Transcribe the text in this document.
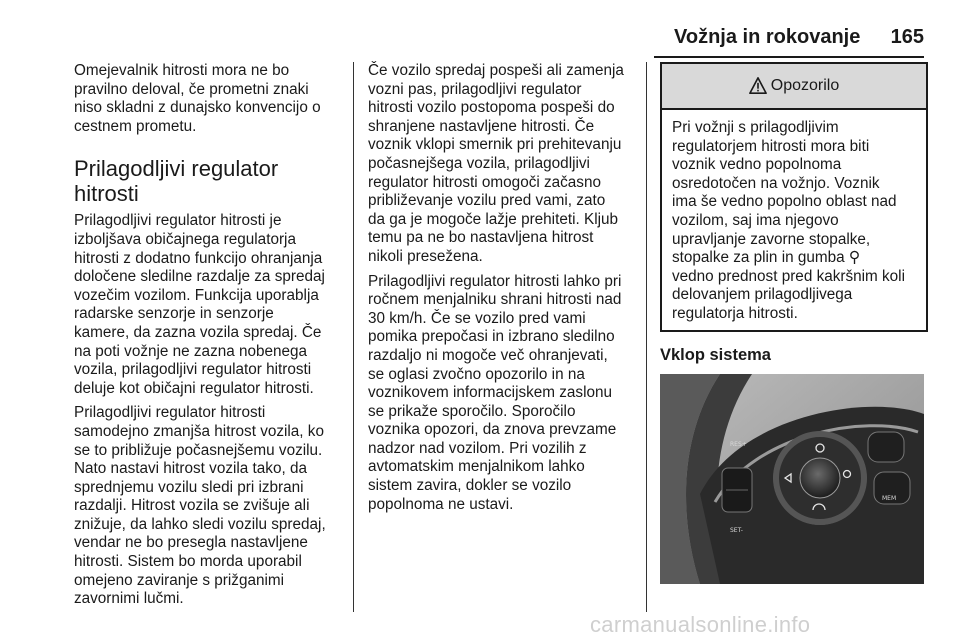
Vožnja in rokovanje 165

Omejevalnik hitrosti mora ne bo
pravilno deloval, če prometni znaki
niso skladni z dunajsko konvencijo o
cestnem prometu.

Prilagodljivi regulator
hitrosti

Prilagodljivi regulator hitrosti je
izboljšava običajnega regulatorja
hitrosti z dodatno funkcijo ohranjanja
določene sledilne razdalje za spredaj
vozečim vozilom. Funkcija uporablja
radarske senzorje in senzorje
kamere, da zazna vozila spredaj. Če
na poti vožnje ne zazna nobenega
vozila, prilagodljivi regulator hitrosti
deluje kot običajni regulator hitrosti.

Prilagodljivi regulator hitrosti
samodejno zmanjša hitrost vozila, ko
se to približuje počasnejšemu vozilu.
Nato nastavi hitrost vozila tako, da
sprednjemu vozilu sledi pri izbrani
razdalji. Hitrost vozila se zvišuje ali
znižuje, da lahko sledi vozilu spredaj,
vendar ne bo presegla nastavljene
hitrosti. Sistem bo morda uporabil
omejeno zaviranje s prižganimi
zavornimi lučmi.

Če vozilo spredaj pospeši ali zamenja
vozni pas, prilagodljivi regulator
hitrosti vozilo postopoma pospeši do
shranjene nastavljene hitrosti. Če
voznik vklopi smernik pri prehitevanju
počasnejšega vozila, prilagodljivi
regulator hitrosti omogoči začasno
približevanje vozilu pred vami, zato
da ga je mogoče lažje prehiteti. Kljub
temu pa ne bo nastavljena hitrost
nikoli presežena.

Prilagodljivi regulator hitrosti lahko pri
ročnem menjalniku shrani hitrosti nad
30 km/h. Če se vozilo pred vami
pomika prepočasi in izbrano sledilno
razdaljo ni mogoče več ohranjevati,
se oglasi zvočno opozorilo in na
voznikovem informacijskem zaslonu
se prikaže sporočilo. Sporočilo
voznika opozori, da znova prevzame
nadzor nad vozilom. Pri vozilih z
avtomatskim menjalnikom lahko
sistem zavira, dokler se vozilo
popolnoma ne ustavi.

Opozorilo
Pri vožnji s prilagodljivim
regulatorjem hitrosti mora biti
voznik vedno popolnoma
osredotočen na vožnjo. Voznik
ima še vedno popolno oblast nad
vozilom, saj ima njegovo
upravljanje zavorne stopalke,
stopalke za plin in gumba ⚲
vedno prednost pred kakršnim koli
delovanjem prilagodljivega
regulatorja hitrosti.
Vklop sistema
RES+
SET-
MEM
carmanualsonline.info
